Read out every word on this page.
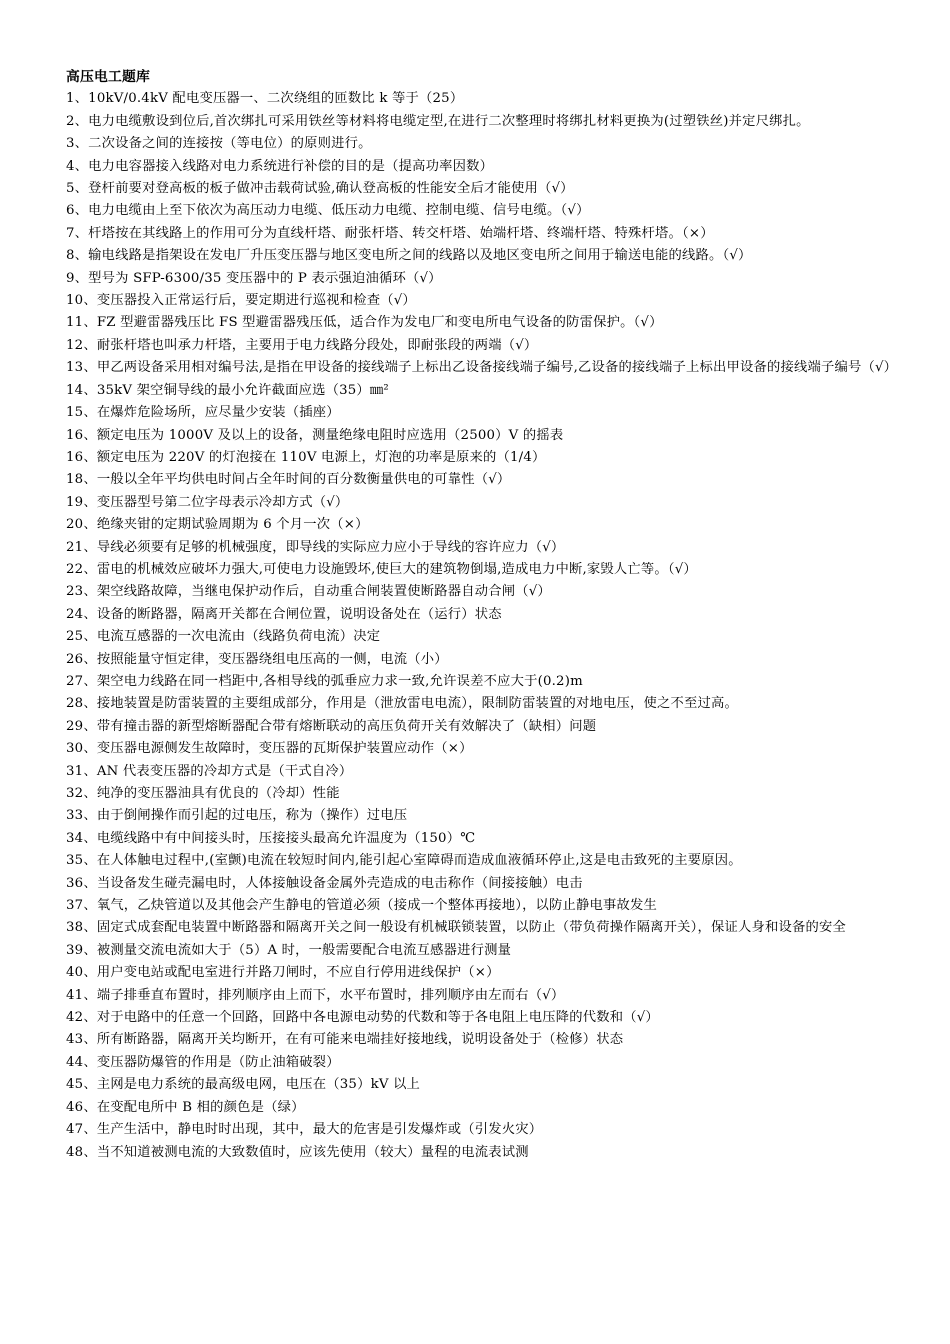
高压电工题库
1、10kV/0.4kV 配电变压器一、二次绕组的匝数比 k 等于（25）
2、电力电缆敷设到位后,首次绑扎可采用铁丝等材料将电缆定型,在进行二次整理时将绑扎材料更换为(过塑铁丝)并定尺绑扎。
3、二次设备之间的连接按（等电位）的原则进行。
4、电力电容器接入线路对电力系统进行补偿的目的是（提高功率因数）
5、登杆前要对登高板的板子做冲击载荷试验,确认登高板的性能安全后才能使用（√）
6、电力电缆由上至下依次为高压动力电缆、低压动力电缆、控制电缆、信号电缆。（√）
7、杆塔按在其线路上的作用可分为直线杆塔、耐张杆塔、转交杆塔、始端杆塔、终端杆塔、特殊杆塔。（×）
8、输电线路是指架设在发电厂升压变压器与地区变电所之间的线路以及地区变电所之间用于输送电能的线路。（√）
9、型号为 SFP-6300/35 变压器中的 P 表示强迫油循环（√）
10、变压器投入正常运行后，要定期进行巡视和检查（√）
11、FZ 型避雷器残压比 FS 型避雷器残压低，适合作为发电厂和变电所电气设备的防雷保护。（√）
12、耐张杆塔也叫承力杆塔，主要用于电力线路分段处，即耐张段的两端（√）
13、甲乙两设备采用相对编号法,是指在甲设备的接线端子上标出乙设备接线端子编号,乙设备的接线端子上标出甲设备的接线端子编号（√）
14、35kV 架空铜导线的最小允许截面应选（35）㎜²
15、在爆炸危险场所，应尽量少安装（插座）
16、额定电压为 1000V 及以上的设备，测量绝缘电阻时应选用（2500）V 的摇表
16、额定电压为 220V 的灯泡接在 110V 电源上，灯泡的功率是原来的（1/4）
18、一般以全年平均供电时间占全年时间的百分数衡量供电的可靠性（√）
19、变压器型号第二位字母表示冷却方式（√）
20、绝缘夹钳的定期试验周期为 6 个月一次（×）
21、导线必须要有足够的机械强度，即导线的实际应力应小于导线的容许应力（√）
22、雷电的机械效应破坏力强大,可使电力设施毁坏,使巨大的建筑物倒塌,造成电力中断,家毁人亡等。（√）
23、架空线路故障，当继电保护动作后，自动重合闸装置使断路器自动合闸（√）
24、设备的断路器，隔离开关都在合闸位置，说明设备处在（运行）状态
25、电流互感器的一次电流由（线路负荷电流）决定
26、按照能量守恒定律，变压器绕组电压高的一侧，电流（小）
27、架空电力线路在同一档距中,各相导线的弧垂应力求一致,允许误差不应大于(0.2)m
28、接地装置是防雷装置的主要组成部分，作用是（泄放雷电电流），限制防雷装置的对地电压，使之不至过高。
29、带有撞击器的新型熔断器配合带有熔断联动的高压负荷开关有效解决了（缺相）问题
30、变压器电源侧发生故障时，变压器的瓦斯保护装置应动作（×）
31、AN 代表变压器的冷却方式是（干式自冷）
32、纯净的变压器油具有优良的（冷却）性能
33、由于倒闸操作而引起的过电压，称为（操作）过电压
34、电缆线路中有中间接头时，压接接头最高允许温度为（150）℃
35、在人体触电过程中,(室颤)电流在较短时间内,能引起心室障碍而造成血液循环停止,这是电击致死的主要原因。
36、当设备发生碰壳漏电时，人体接触设备金属外壳造成的电击称作（间接接触）电击
37、氧气，乙炔管道以及其他会产生静电的管道必须（接成一个整体再接地），以防止静电事故发生
38、固定式成套配电装置中断路器和隔离开关之间一般设有机械联锁装置，以防止（带负荷操作隔离开关），保证人身和设备的安全
39、被测量交流电流如大于（5）A 时，一般需要配合电流互感器进行测量
40、用户变电站或配电室进行并路刀闸时，不应自行停用进线保护（×）
41、端子排垂直布置时，排列顺序由上而下，水平布置时，排列顺序由左而右（√）
42、对于电路中的任意一个回路，回路中各电源电动势的代数和等于各电阻上电压降的代数和（√）
43、所有断路器，隔离开关均断开，在有可能来电端挂好接地线，说明设备处于（检修）状态
44、变压器防爆管的作用是（防止油箱破裂）
45、主网是电力系统的最高级电网，电压在（35）kV 以上
46、在变配电所中 B 相的颜色是（绿）
47、生产生活中，静电时时出现，其中，最大的危害是引发爆炸或（引发火灾）
48、当不知道被测电流的大致数值时，应该先使用（较大）量程的电流表试测
